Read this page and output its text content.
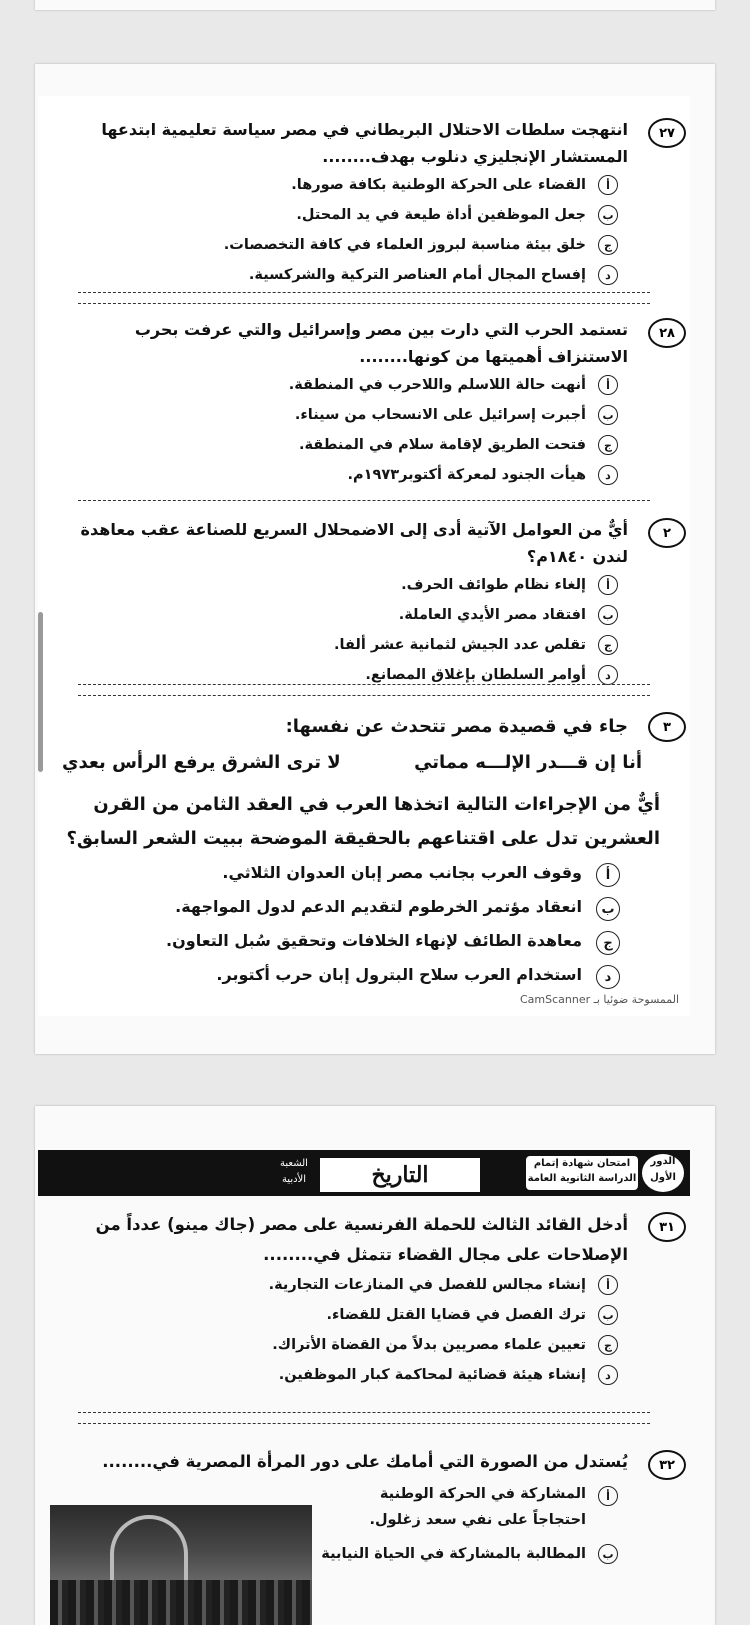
٢٧
انتهجت سلطات الاحتلال البريطاني في مصر سياسة تعليمية ابتدعها المستشار الإنجليزي دنلوب بهدف........
أ
القضاء على الحركة الوطنية بكافة صورها.
ب
جعل الموظفين أداة طيعة في يد المحتل.
ج
خلق بيئة مناسبة لبروز العلماء في كافة التخصصات.
د
إفساح المجال أمام العناصر التركية والشركسية.
٢٨
تستمد الحرب التي دارت بين مصر وإسرائيل والتي عرفت بحرب الاستنزاف أهميتها من كونها........
أ
أنهت حالة اللاسلم واللاحرب في المنطقة.
ب
أجبرت إسرائيل على الانسحاب من سيناء.
ج
فتحت الطريق لإقامة سلام في المنطقة.
د
هيأت الجنود لمعركة أكتوبر١٩٧٣م.
٢
أيٌّ من العوامل الآتية أدى إلى الاضمحلال السريع للصناعة عقب معاهدة لندن ١٨٤٠م؟
أ
إلغاء نظام طوائف الحرف.
ب
افتقاد مصر الأيدي العاملة.
ج
تقلص عدد الجيش لثمانية عشر ألفا.
د
أوامر السلطان بإغلاق المصانع.
٣
جاء في قصيدة مصر تتحدث عن نفسها:
أنا إن قـــدر الإلـــه مماتي
لا ترى الشرق يرفع الرأس بعدي
أيٌّ من الإجراءات التالية اتخذها العرب في العقد الثامن من القرن العشرين تدل على اقتناعهم بالحقيقة الموضحة ببيت الشعر السابق؟
أ
وقوف العرب بجانب مصر إبان العدوان الثلاثي.
ب
انعقاد مؤتمر الخرطوم لتقديم الدعم لدول المواجهة.
ج
معاهدة الطائف لإنهاء الخلافات وتحقيق سُبل التعاون.
د
استخدام العرب سلاح البترول إبان حرب أكتوبر.
الممسوحة ضوئيا بـ CamScanner
الدور الأول
امتحان شهادة إتمام الدراسة الثانوية العامة
التاريخ
الشعبة الأدبية
٣١
أدخل القائد الثالث للحملة الفرنسية على مصر (جاك مينو) عدداً من الإصلاحات على مجال القضاء تتمثل في........
أ
إنشاء مجالس للفصل في المنازعات التجارية.
ب
ترك الفصل في قضايا القتل للقضاء.
ج
تعيين علماء مصريين بدلاً من القضاة الأتراك.
د
إنشاء هيئة قضائية لمحاكمة كبار الموظفين.
٣٢
يُستدل من الصورة التي أمامك على دور المرأة المصرية في........
أ
المشاركة في الحركة الوطنية احتجاجاً على نفي سعد زغلول.
ب
المطالبة بالمشاركة في الحياة النيابية
